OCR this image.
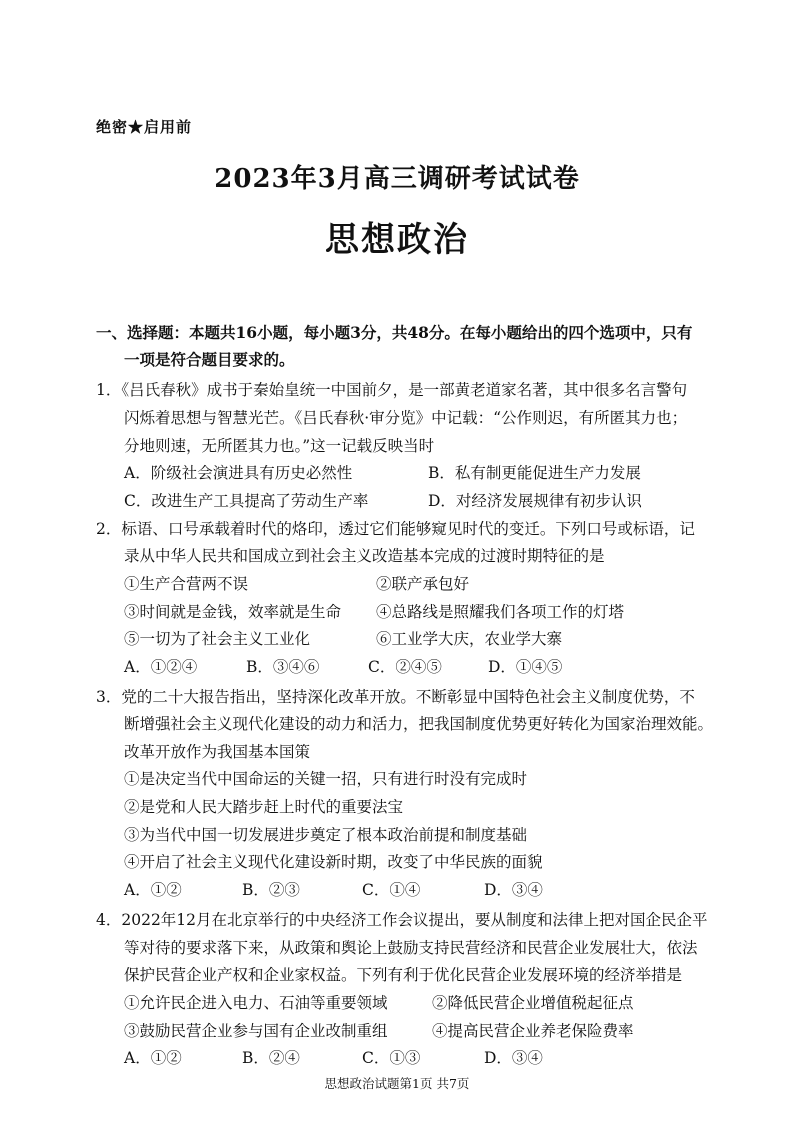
绝密★启用前
2023年3月高三调研考试试卷
思想政治
一、选择题：本题共16小题，每小题3分，共48分。在每小题给出的四个选项中，只有
一项是符合题目要求的。
1．《吕氏春秋》成书于秦始皇统一中国前夕，是一部黄老道家名著，其中很多名言警句
闪烁着思想与智慧光芒。《吕氏春秋·审分览》中记载：“公作则迟，有所匿其力也；
分地则速，无所匿其力也。”这一记载反映当时
A．阶级社会演进具有历史必然性	B．私有制更能促进生产力发展
C．改进生产工具提高了劳动生产率	D．对经济发展规律有初步认识
2．标语、口号承载着时代的烙印，透过它们能够窥见时代的变迁。下列口号或标语，记
录从中华人民共和国成立到社会主义改造基本完成的过渡时期特征的是
①生产合营两不误	②联产承包好
③时间就是金钱，效率就是生命 ④总路线是照耀我们各项工作的灯塔
⑤一切为了社会主义工业化	⑥工业学大庆，农业学大寨
A．①②④	B．③④⑥	C．②④⑤	D．①④⑤
3．党的二十大报告指出，坚持深化改革开放。不断彰显中国特色社会主义制度优势，不
断增强社会主义现代化建设的动力和活力，把我国制度优势更好转化为国家治理效能。
改革开放作为我国基本国策
①是决定当代中国命运的关键一招，只有进行时没有完成时
②是党和人民大踏步赶上时代的重要法宝
③为当代中国一切发展进步奠定了根本政治前提和制度基础
④开启了社会主义现代化建设新时期，改变了中华民族的面貌
A．①②	B．②③	C．①④	D．③④
4．2022年12月在北京举行的中央经济工作会议提出，要从制度和法律上把对国企民企平
等对待的要求落下来，从政策和舆论上鼓励支持民营经济和民营企业发展壮大，依法
保护民营企业产权和企业家权益。下列有利于优化民营企业发展环境的经济举措是
①允许民企进入电力、石油等重要领域	②降低民营企业增值税起征点
③鼓励民营企业参与国有企业改制重组	④提高民营企业养老保险费率
A．①②	B．②④	C．①③	D．③④
思想政治试题第1页 共7页
